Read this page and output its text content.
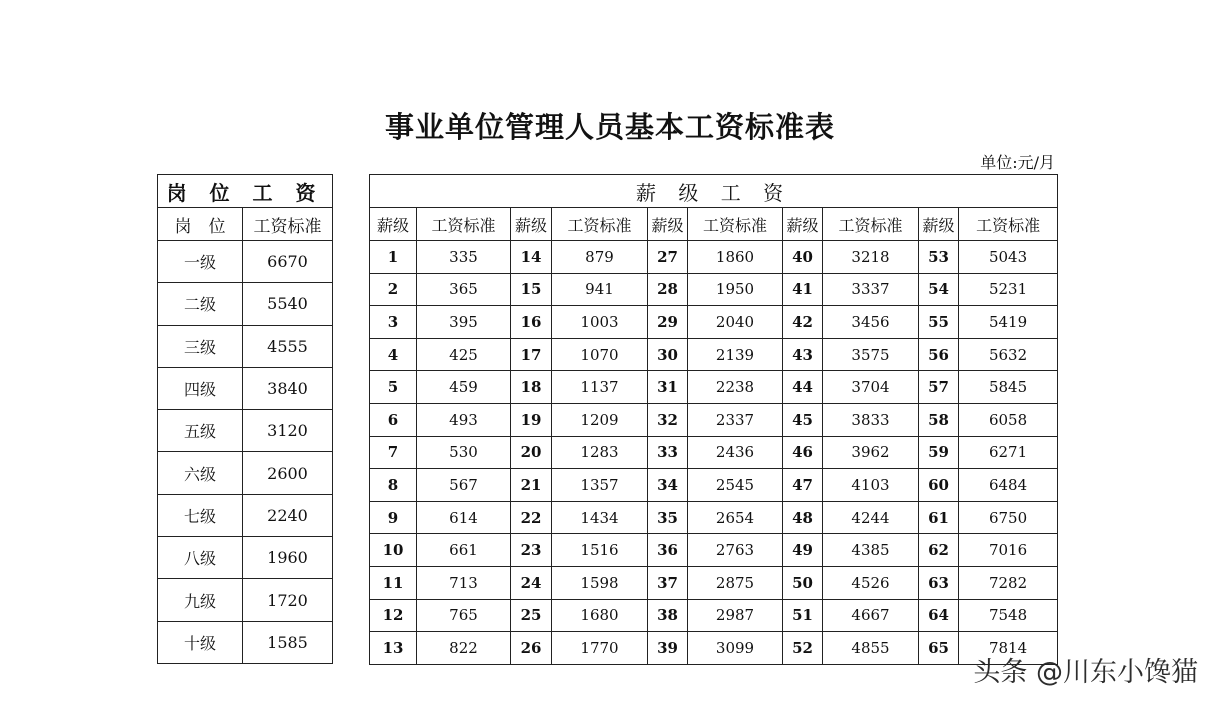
事业单位管理人员基本工资标准表
单位:元/月
岗 位 工 资	
岗　位	工资标准
一级	6670
二级	5540
三级	4555
四级	3840
五级	3120
六级	2600
七级	2240
八级	1960
九级	1720
十级	1585
薪 级 工 资									
薪级	工资标准	薪级	工资标准	薪级	工资标准	薪级	工资标准	薪级	工资标准
1	335	14	879	27	1860	40	3218	53	5043
2	365	15	941	28	1950	41	3337	54	5231
3	395	16	1003	29	2040	42	3456	55	5419
4	425	17	1070	30	2139	43	3575	56	5632
5	459	18	1137	31	2238	44	3704	57	5845
6	493	19	1209	32	2337	45	3833	58	6058
7	530	20	1283	33	2436	46	3962	59	6271
8	567	21	1357	34	2545	47	4103	60	6484
9	614	22	1434	35	2654	48	4244	61	6750
10	661	23	1516	36	2763	49	4385	62	7016
11	713	24	1598	37	2875	50	4526	63	7282
12	765	25	1680	38	2987	51	4667	64	7548
13	822	26	1770	39	3099	52	4855	65	7814
头条 @川东小馋猫
